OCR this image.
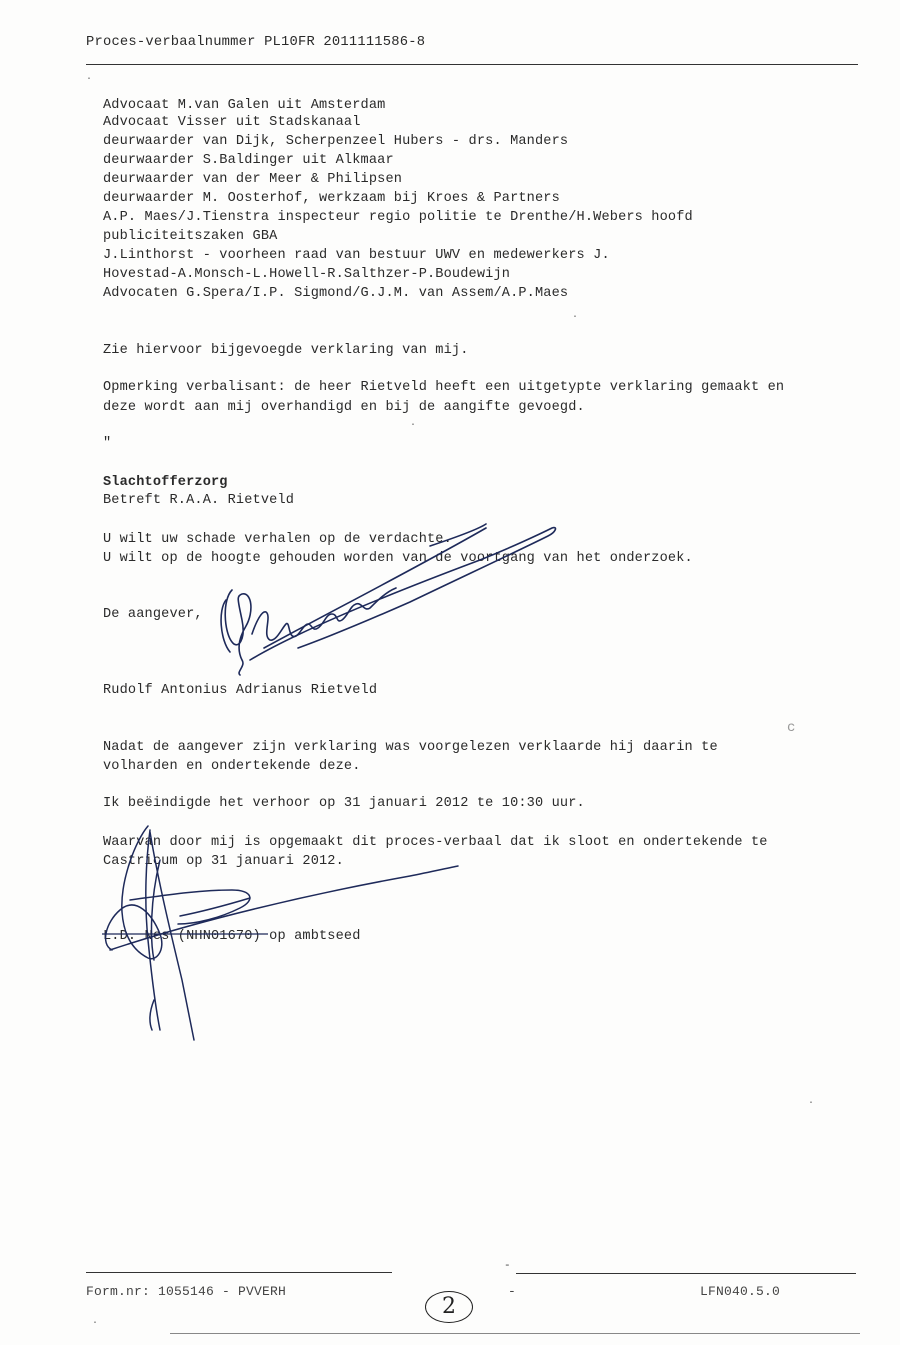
Proces-verbaalnummer PL10FR 2011111586-8
·
Advocaat M.van Galen uit Amsterdam
Advocaat Visser uit Stadskanaal
deurwaarder van Dijk, Scherpenzeel Hubers - drs. Manders
deurwaarder S.Baldinger uit Alkmaar
deurwaarder van der Meer & Philipsen
deurwaarder M. Oosterhof, werkzaam bij Kroes & Partners
A.P. Maes/J.Tienstra inspecteur regio politie te Drenthe/H.Webers hoofd
publiciteitszaken GBA
J.Linthorst - voorheen raad van bestuur UWV en medewerkers J.
Hovestad-A.Monsch-L.Howell-R.Salthzer-P.Boudewijn
Advocaten G.Spera/I.P. Sigmond/G.J.M. van Assem/A.P.Maes
Zie hiervoor bijgevoegde verklaring van mij.
Opmerking verbalisant: de heer Rietveld heeft een uitgetypte verklaring gemaakt en
deze wordt aan mij overhandigd en bij de aangifte gevoegd.
"
Slachtofferzorg
Betreft R.A.A. Rietveld
U wilt uw schade verhalen op de verdachte.
U wilt op de hoogte gehouden worden van de voortgang van het onderzoek.
De aangever,
Rudolf Antonius Adrianus Rietveld
Nadat de aangever zijn verklaring was voorgelezen verklaarde hij daarin te
volharden en ondertekende deze.
Ik beëindigde het verhoor op 31 januari 2012 te 10:30 uur.
Waarvan door mij is opgemaakt dit proces-verbaal dat ik sloot en ondertekende te
Castricum op 31 januari 2012.
L.D. Nes (NHN01670) op ambtseed
·
·
c
·
Form.nr: 1055146 - PVVERH	-	LFN040.5.0
-
·
2
